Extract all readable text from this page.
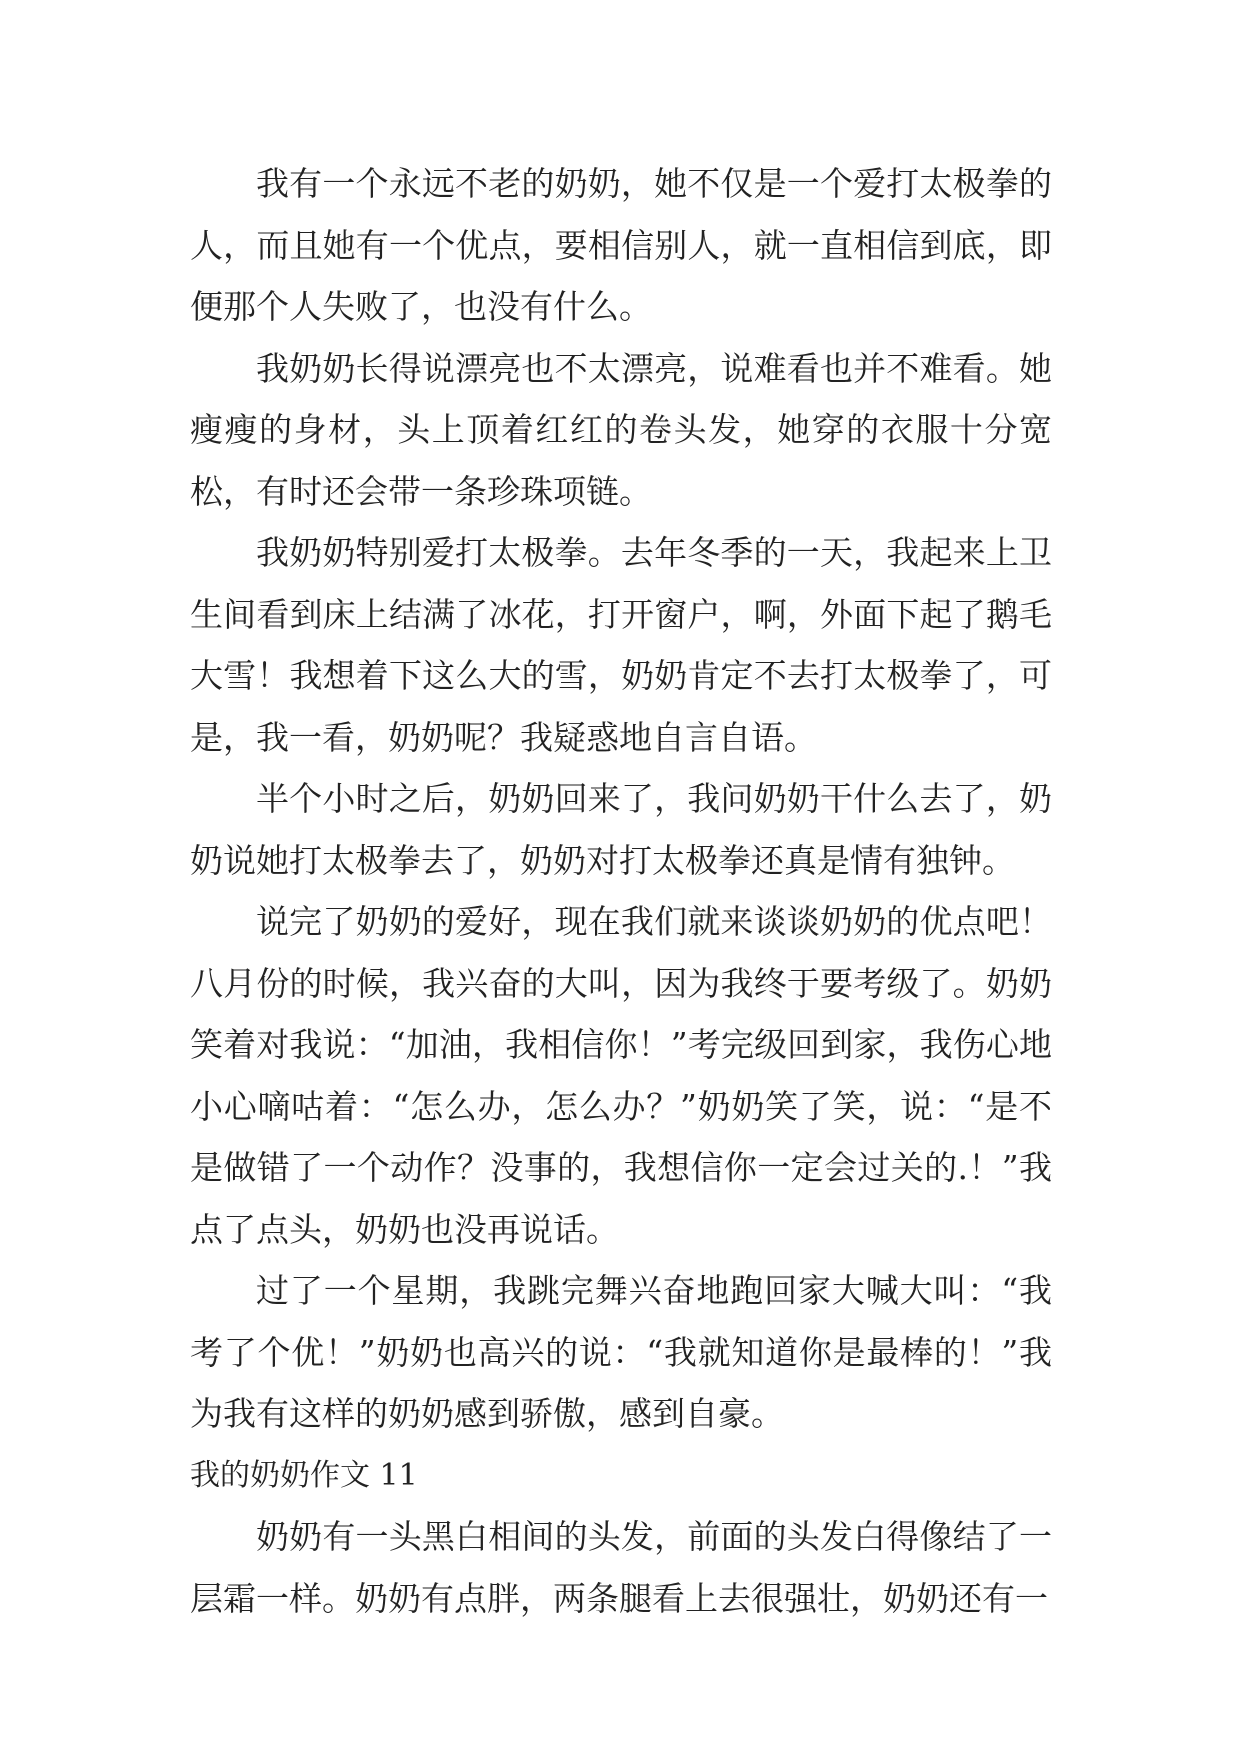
我有一个永远不老的奶奶，她不仅是一个爱打太极拳的人，而且她有一个优点，要相信别人，就一直相信到底，即便那个人失败了，也没有什么。

我奶奶长得说漂亮也不太漂亮，说难看也并不难看。她瘦瘦的身材，头上顶着红红的卷头发，她穿的衣服十分宽松，有时还会带一条珍珠项链。

我奶奶特别爱打太极拳。去年冬季的一天，我起来上卫生间看到床上结满了冰花，打开窗户，啊，外面下起了鹅毛大雪！我想着下这么大的雪，奶奶肯定不去打太极拳了，可是，我一看，奶奶呢？我疑惑地自言自语。

半个小时之后，奶奶回来了，我问奶奶干什么去了，奶奶说她打太极拳去了，奶奶对打太极拳还真是情有独钟。

说完了奶奶的爱好，现在我们就来谈谈奶奶的优点吧！八月份的时候，我兴奋的大叫，因为我终于要考级了。奶奶笑着对我说：“加油，我相信你！”考完级回到家，我伤心地小心嘀咕着：“怎么办，怎么办？”奶奶笑了笑，说：“是不是做错了一个动作？没事的，我想信你一定会过关的.！”我点了点头，奶奶也没再说话。

过了一个星期，我跳完舞兴奋地跑回家大喊大叫：“我考了个优！”奶奶也高兴的说：“我就知道你是最棒的！”我为我有这样的奶奶感到骄傲，感到自豪。

我的奶奶作文 11

奶奶有一头黑白相间的头发，前面的头发白得像结了一层霜一样。奶奶有点胖，两条腿看上去很强壮，奶奶还有一
